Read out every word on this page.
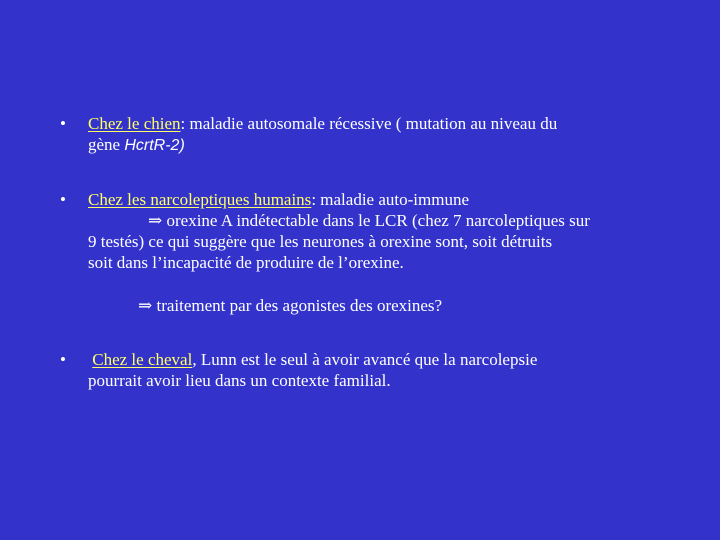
• Chez le chien: maladie autosomale récessive ( mutation au niveau du
gène HcrtR-2)
• Chez les narcoleptiques humains: maladie auto-immune
⇒ orexine A indétectable dans le LCR (chez 7 narcoleptiques sur
9 testés) ce qui suggère que les neurones à orexine sont, soit détruits
soit dans l’incapacité de produire de l’orexine.
⇒ traitement par des agonistes des orexines?
• Chez le cheval, Lunn est le seul à avoir avancé que la narcolepsie
pourrait avoir lieu dans un contexte familial.
